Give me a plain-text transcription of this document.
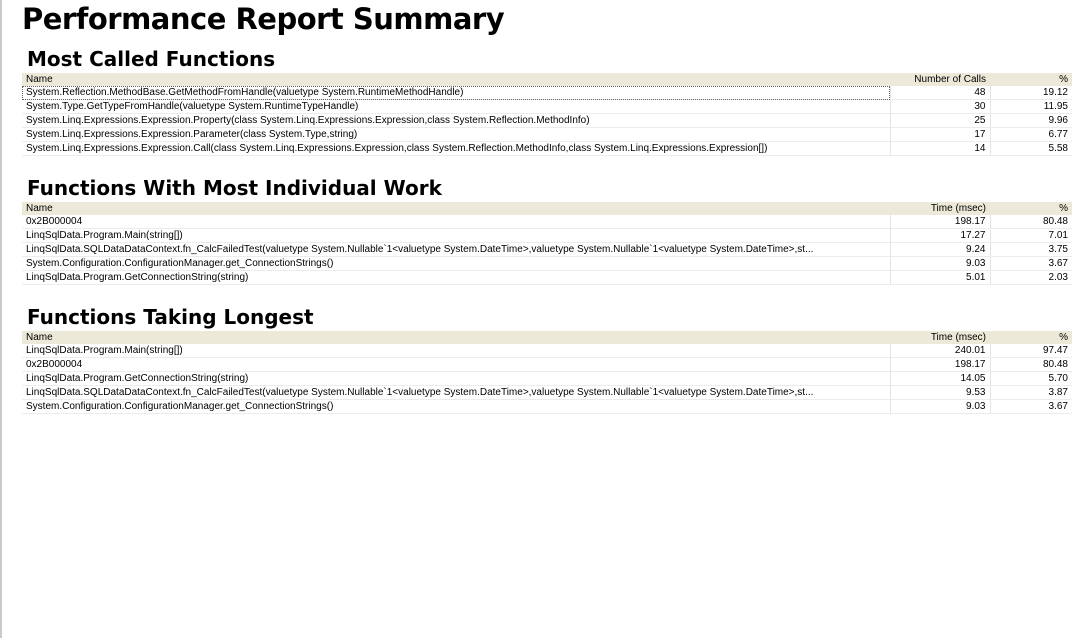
Performance Report Summary
Most Called Functions
Name	Number of Calls	%
System.Reflection.MethodBase.GetMethodFromHandle(valuetype System.RuntimeMethodHandle)	48	19.12
System.Type.GetTypeFromHandle(valuetype System.RuntimeTypeHandle)	30	11.95
System.Linq.Expressions.Expression.Property(class System.Linq.Expressions.Expression,class System.Reflection.MethodInfo)	25	9.96
System.Linq.Expressions.Expression.Parameter(class System.Type,string)	17	6.77
System.Linq.Expressions.Expression.Call(class System.Linq.Expressions.Expression,class System.Reflection.MethodInfo,class System.Linq.Expressions.Expression[])	14	5.58
Functions With Most Individual Work
Name	Time (msec)	%
0x2B000004	198.17	80.48
LinqSqlData.Program.Main(string[])	17.27	7.01
LinqSqlData.SQLDataDataContext.fn_CalcFailedTest(valuetype System.Nullable`1<valuetype System.DateTime>,valuetype System.Nullable`1<valuetype System.DateTime>,st...	9.24	3.75
System.Configuration.ConfigurationManager.get_ConnectionStrings()	9.03	3.67
LinqSqlData.Program.GetConnectionString(string)	5.01	2.03
Functions Taking Longest
Name	Time (msec)	%
LinqSqlData.Program.Main(string[])	240.01	97.47
0x2B000004	198.17	80.48
LinqSqlData.Program.GetConnectionString(string)	14.05	5.70
LinqSqlData.SQLDataDataContext.fn_CalcFailedTest(valuetype System.Nullable`1<valuetype System.DateTime>,valuetype System.Nullable`1<valuetype System.DateTime>,st...	9.53	3.87
System.Configuration.ConfigurationManager.get_ConnectionStrings()	9.03	3.67
